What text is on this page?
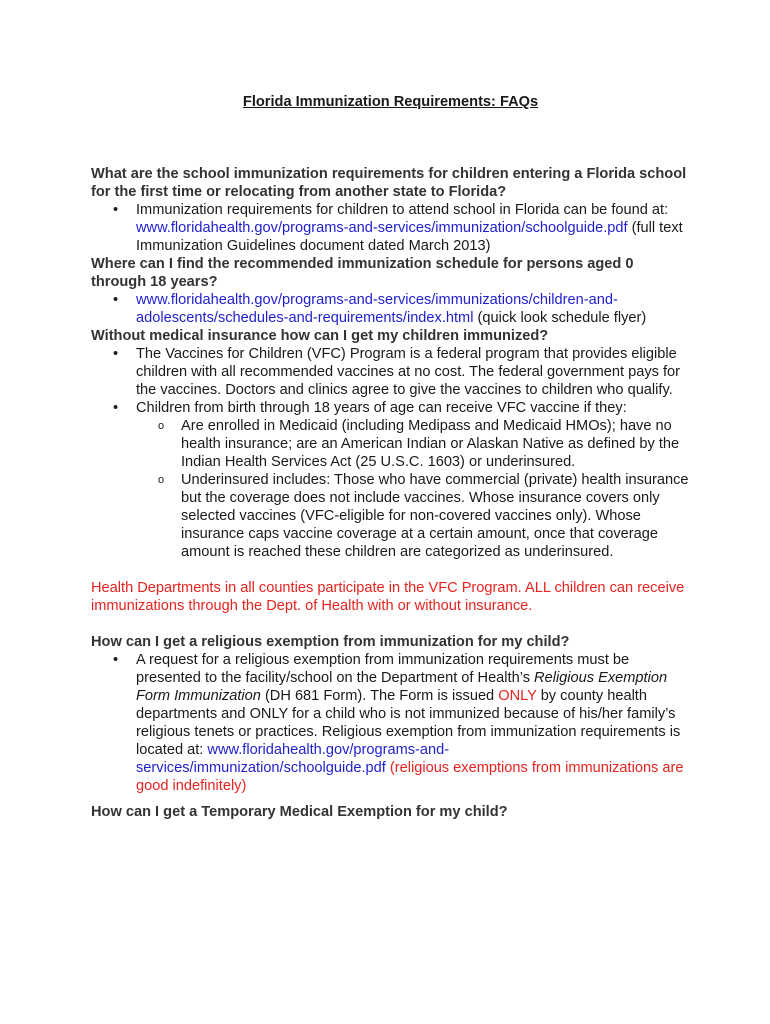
Florida Immunization Requirements: FAQs

What are the school immunization requirements for children entering a Florida school for the first time or relocating from another state to Florida?

• Immunization requirements for children to attend school in Florida can be found at: www.floridahealth.gov/programs-and-services/immunization/schoolguide.pdf (full text Immunization Guidelines document dated March 2013)

Where can I find the recommended immunization schedule for persons aged 0 through 18 years?

• www.floridahealth.gov/programs-and-services/immunizations/children-and-adolescents/schedules-and-requirements/index.html (quick look schedule flyer)

Without medical insurance how can I get my children immunized?

• The Vaccines for Children (VFC) Program is a federal program that provides eligible children with all recommended vaccines at no cost. The federal government pays for the vaccines. Doctors and clinics agree to give the vaccines to children who qualify.
• Children from birth through 18 years of age can receive VFC vaccine if they:
o Are enrolled in Medicaid (including Medipass and Medicaid HMOs); have no health insurance; are an American Indian or Alaskan Native as defined by the Indian Health Services Act (25 U.S.C. 1603) or underinsured.
o Underinsured includes: Those who have commercial (private) health insurance but the coverage does not include vaccines. Whose insurance covers only selected vaccines (VFC-eligible for non-covered vaccines only). Whose insurance caps vaccine coverage at a certain amount, once that coverage amount is reached these children are categorized as underinsured.

Health Departments in all counties participate in the VFC Program. ALL children can receive immunizations through the Dept. of Health with or without insurance.

How can I get a religious exemption from immunization for my child?

• A request for a religious exemption from immunization requirements must be presented to the facility/school on the Department of Health’s Religious Exemption Form Immunization (DH 681 Form). The Form is issued ONLY by county health departments and ONLY for a child who is not immunized because of his/her family’s religious tenets or practices. Religious exemption from immunization requirements is located at: www.floridahealth.gov/programs-and-services/immunization/schoolguide.pdf (religious exemptions from immunizations are good indefinitely)

How can I get a Temporary Medical Exemption for my child?
